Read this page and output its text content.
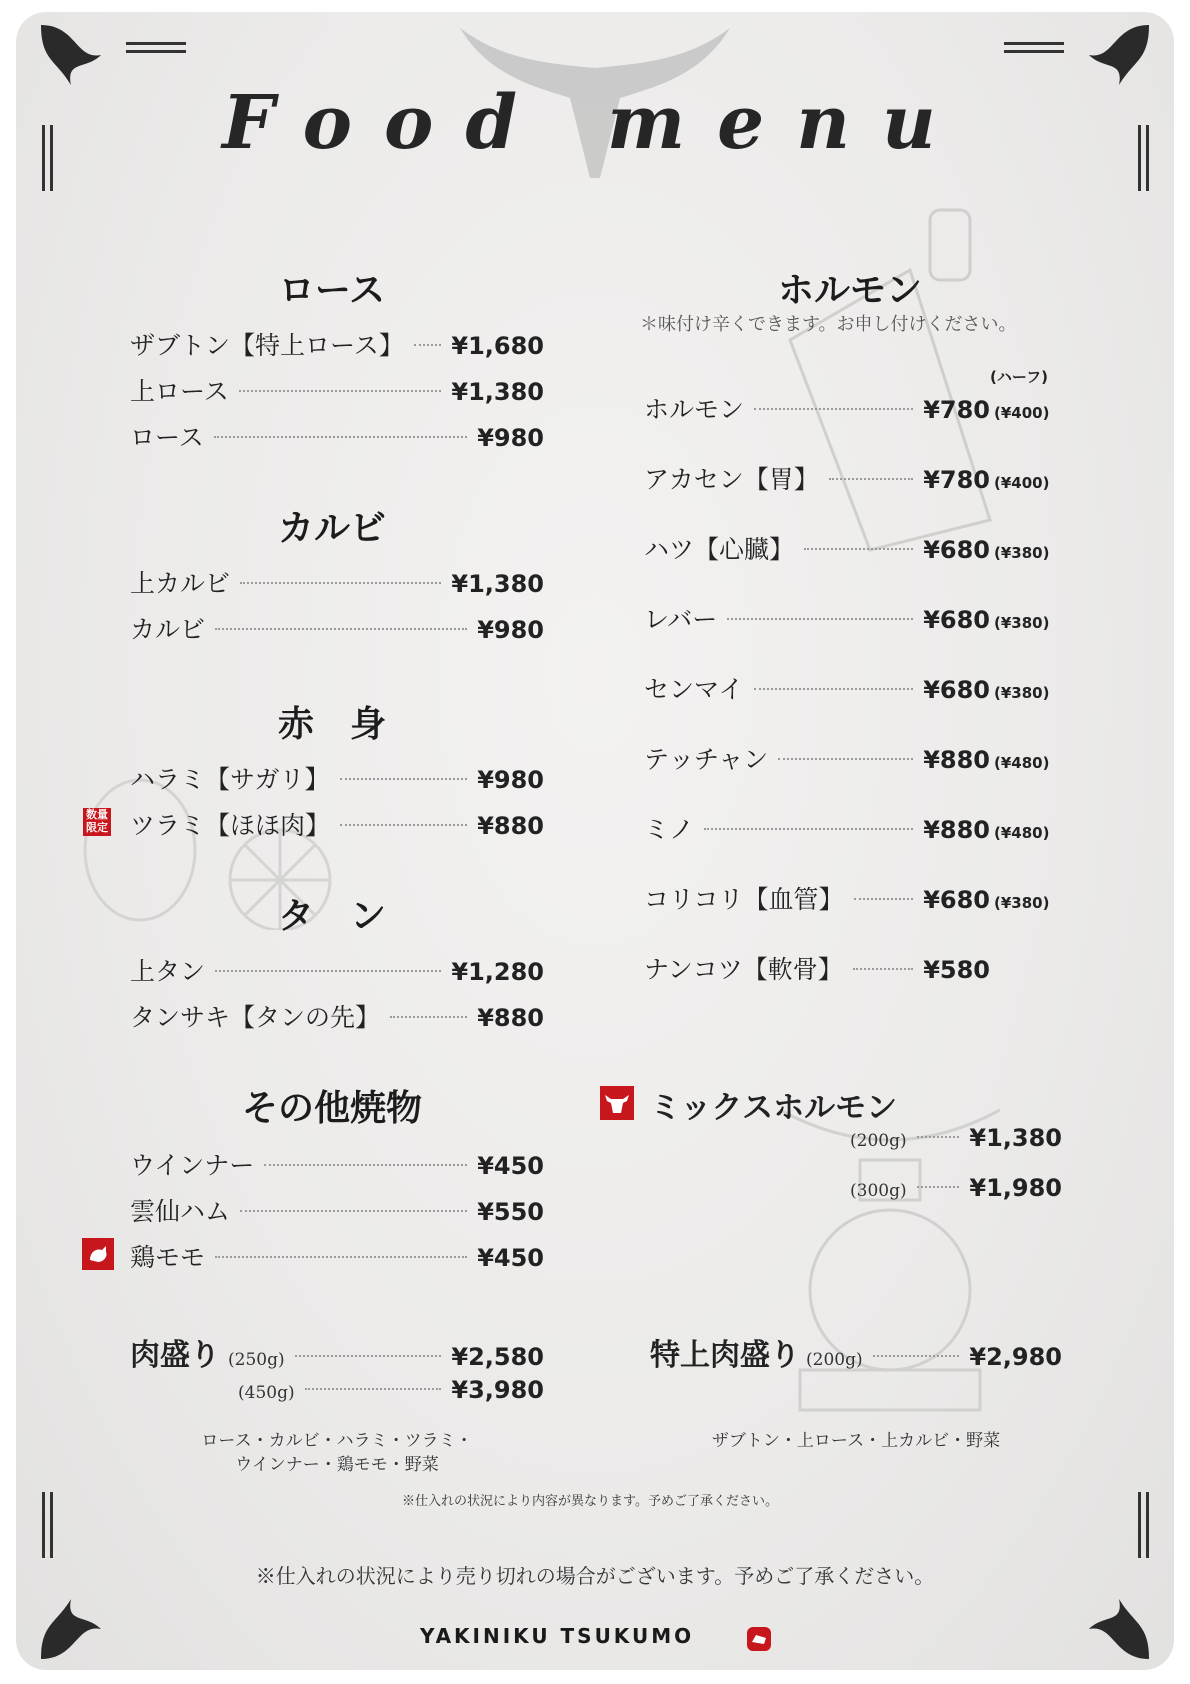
Food menu
ロース
ザブトン【特上ロース】 ¥1,680
上ロース	¥1,380
ロース	¥980
カルビ
上カルビ	¥1,380
カルビ	¥980
赤　身
ハラミ【サガリ】	¥980
ツラミ【ほほ肉】	¥880
数量
限定
タ　ン
上タン	¥1,280
タンサキ【タンの先】	¥880
その他焼物
ウインナー	¥450
雲仙ハム	¥550
鶏モモ	¥450
肉盛り (250g)	¥2,580
(450g)	¥3,980
ロース・カルビ・ハラミ・ツラミ・
ウインナー・鶏モモ・野菜
※仕入れの状況により内容が異なります。予めご了承ください。
ホルモン
＊味付け辛くできます。お申し付けください。
(ハーフ)
ホルモン	¥780 (¥400)
アカセン【胃】	¥780 (¥400)
ハツ【心臓】	¥680 (¥380)
レバー	¥680 (¥380)
センマイ	¥680 (¥380)
テッチャン	¥880 (¥480)
ミノ	¥880 (¥480)
コリコリ【血管】	¥680 (¥380)
ナンコツ【軟骨】	¥580
ミックスホルモン
(200g)	¥1,380
(300g)	¥1,980
特上肉盛り (200g)	¥2,980
ザブトン・上ロース・上カルビ・野菜
※仕入れの状況により売り切れの場合がございます。予めご了承ください。
YAKINIKU TSUKUMO
